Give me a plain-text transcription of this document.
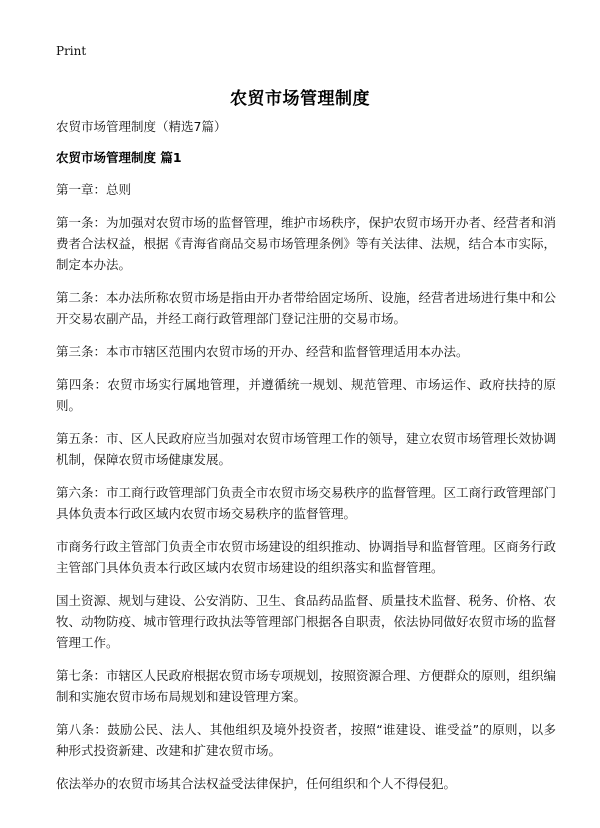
Print
农贸市场管理制度

农贸市场管理制度（精选7篇）

农贸市场管理制度 篇1

第一章：总则

第一条：为加强对农贸市场的监督管理，维护市场秩序，保护农贸市场开办者、经营者和消费者合法权益，根据《青海省商品交易市场管理条例》等有关法律、法规，结合本市实际，制定本办法。

第二条：本办法所称农贸市场是指由开办者带给固定场所、设施，经营者进场进行集中和公开交易农副产品，并经工商行政管理部门登记注册的交易市场。

第三条：本市市辖区范围内农贸市场的开办、经营和监督管理适用本办法。

第四条：农贸市场实行属地管理，并遵循统一规划、规范管理、市场运作、政府扶持的原则。

第五条：市、区人民政府应当加强对农贸市场管理工作的领导，建立农贸市场管理长效协调机制，保障农贸市场健康发展。

第六条：市工商行政管理部门负责全市农贸市场交易秩序的监督管理。区工商行政管理部门具体负责本行政区域内农贸市场交易秩序的监督管理。

市商务行政主管部门负责全市农贸市场建设的组织推动、协调指导和监督管理。区商务行政主管部门具体负责本行政区域内农贸市场建设的组织落实和监督管理。

国土资源、规划与建设、公安消防、卫生、食品药品监督、质量技术监督、税务、价格、农牧、动物防疫、城市管理行政执法等管理部门根据各自职责，依法协同做好农贸市场的监督管理工作。

第七条：市辖区人民政府根据农贸市场专项规划，按照资源合理、方便群众的原则，组织编制和实施农贸市场布局规划和建设管理方案。

第八条：鼓励公民、法人、其他组织及境外投资者，按照“谁建设、谁受益”的原则，以多种形式投资新建、改建和扩建农贸市场。

依法举办的农贸市场其合法权益受法律保护，任何组织和个人不得侵犯。
